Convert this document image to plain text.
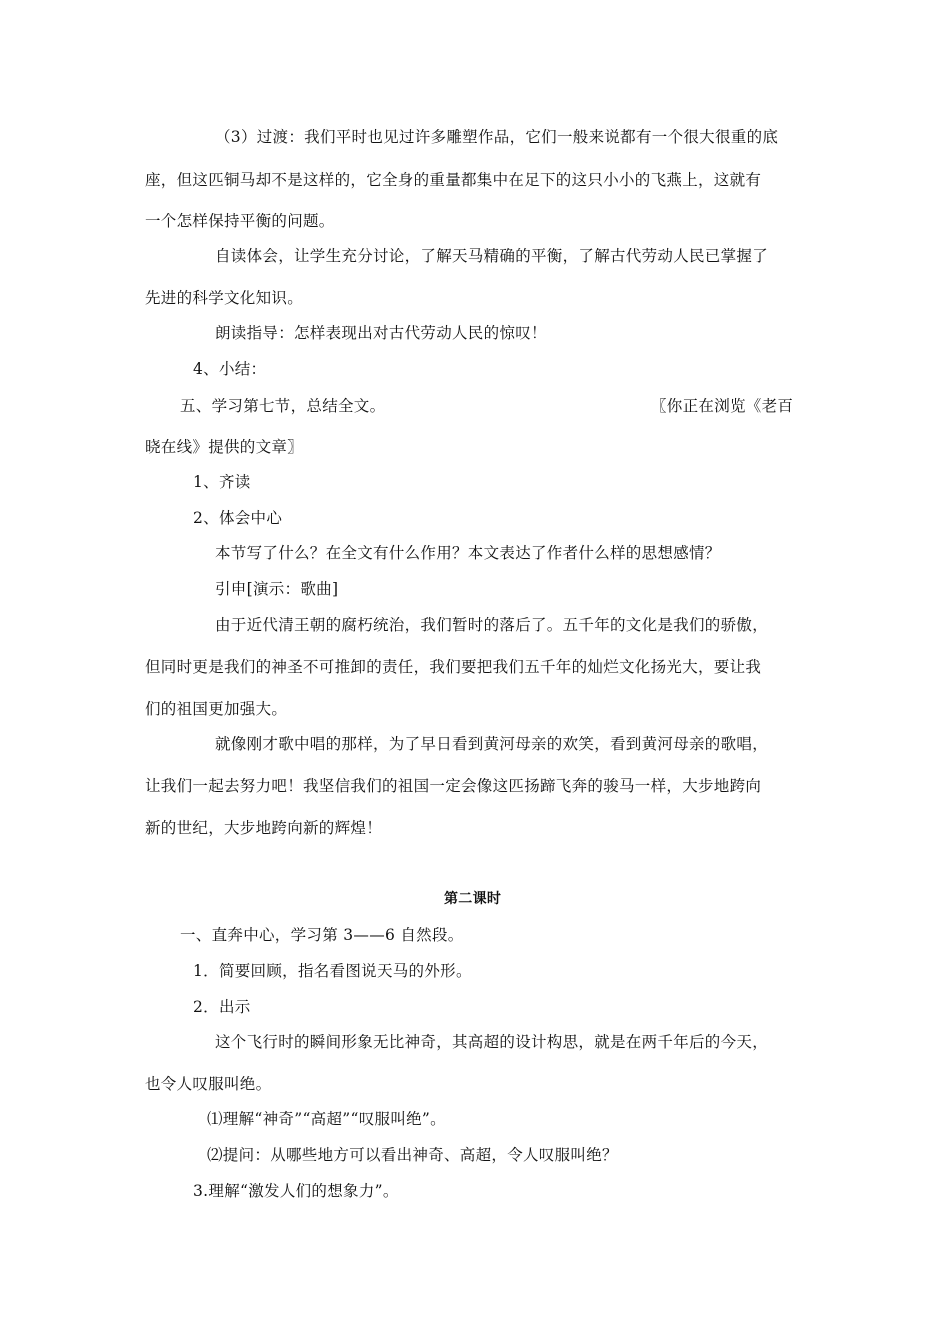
（3）过渡：我们平时也见过许多雕塑作品，它们一般来说都有一个很大很重的底
座，但这匹铜马却不是这样的，它全身的重量都集中在足下的这只小小的飞燕上，这就有
一个怎样保持平衡的问题。
自读体会，让学生充分讨论，了解天马精确的平衡，了解古代劳动人民已掌握了
先进的科学文化知识。
朗读指导：怎样表现出对古代劳动人民的惊叹！
4、小结：
五、学习第七节，总结全文。	〖你正在浏览《老百
晓在线》提供的文章〗
1、齐读
2、体会中心
本节写了什么？在全文有什么作用？本文表达了作者什么样的思想感情？
引申[演示：歌曲]
由于近代清王朝的腐朽统治，我们暂时的落后了。五千年的文化是我们的骄傲，
但同时更是我们的神圣不可推卸的责任，我们要把我们五千年的灿烂文化扬光大，要让我
们的祖国更加强大。
就像刚才歌中唱的那样，为了早日看到黄河母亲的欢笑，看到黄河母亲的歌唱，
让我们一起去努力吧！我坚信我们的祖国一定会像这匹扬蹄飞奔的骏马一样，大步地跨向
新的世纪，大步地跨向新的辉煌！
第二课时
一、直奔中心，学习第 3——6 自然段。
1．简要回顾，指名看图说天马的外形。
2．出示
这个飞行时的瞬间形象无比神奇，其高超的设计构思，就是在两千年后的今天，
也令人叹服叫绝。
⑴理解“神奇”“高超”“叹服叫绝”。
⑵提问：从哪些地方可以看出神奇、高超，令人叹服叫绝？
3.理解“激发人们的想象力”。
